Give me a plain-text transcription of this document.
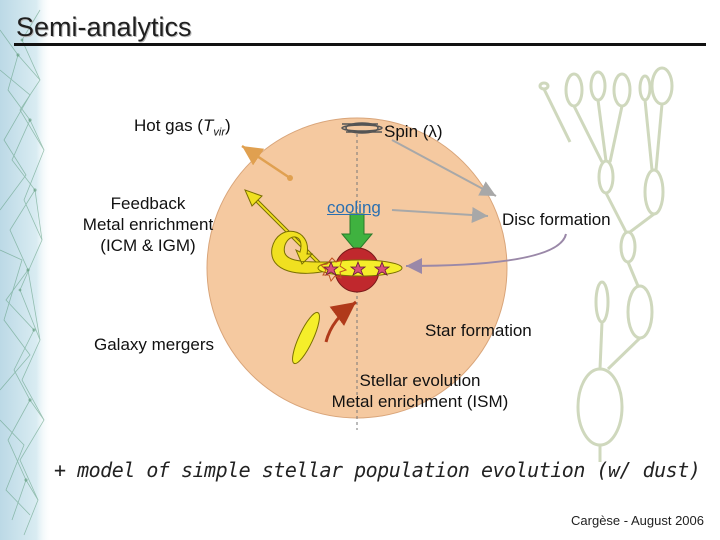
Semi-analytics
Hot gas $(T_{vir})$	Spin (λ)
Feedback
Metal enrichment
(ICM & IGM)
cooling
Disc formation
Galaxy mergers
Star formation
Stellar evolution
Metal enrichment (ISM)
+ model of simple stellar population evolution (w/ dust)
Cargèse - August 2006
